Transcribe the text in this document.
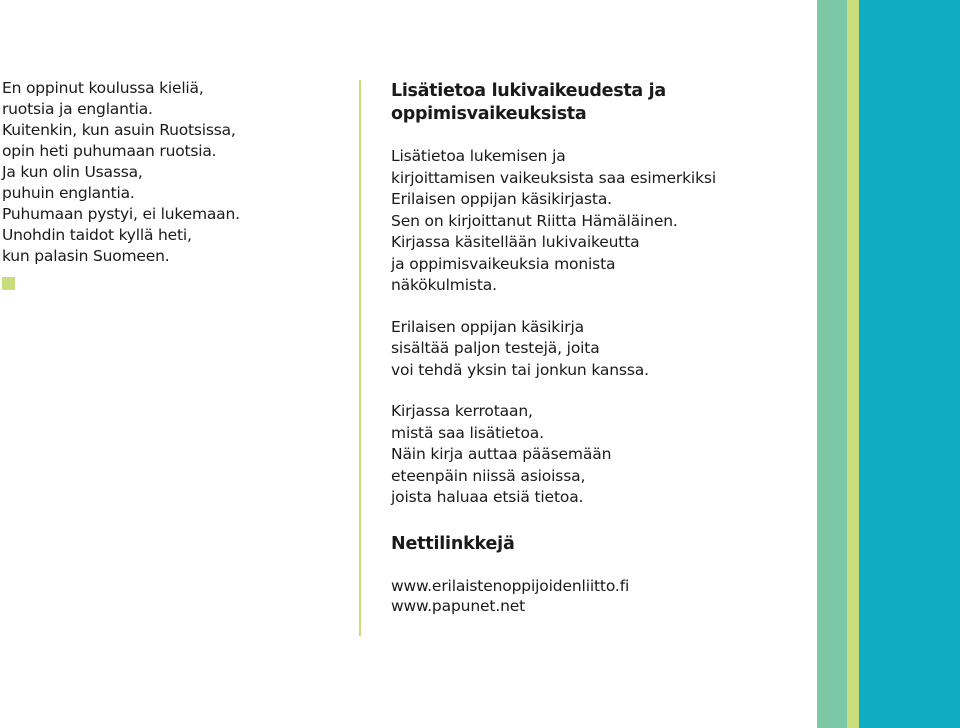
En oppinut koulussa kieliä,
ruotsia ja englantia.
Kuitenkin, kun asuin Ruotsissa,
opin heti puhumaan ruotsia.
Ja kun olin Usassa,
puhuin englantia.
Puhumaan pystyi, ei lukemaan.
Unohdin taidot kyllä heti,
kun palasin Suomeen.
Lisätietoa lukivaikeudesta ja
oppimisvaikeuksista
Lisätietoa lukemisen ja
kirjoittamisen vaikeuksista saa esimerkiksi
Erilaisen oppijan käsikirjasta.
Sen on kirjoittanut Riitta Hämäläinen.
Kirjassa käsitellään lukivaikeutta
ja oppimisvaikeuksia monista
näkökulmista.
Erilaisen oppijan käsikirja
sisältää paljon testejä, joita
voi tehdä yksin tai jonkun kanssa.
Kirjassa kerrotaan,
mistä saa lisätietoa.
Näin kirja auttaa pääsemään
eteenpäin niissä asioissa,
joista haluaa etsiä tietoa.
Nettilinkkejä
www.erilaistenoppijoidenliitto.fi
www.papunet.net
